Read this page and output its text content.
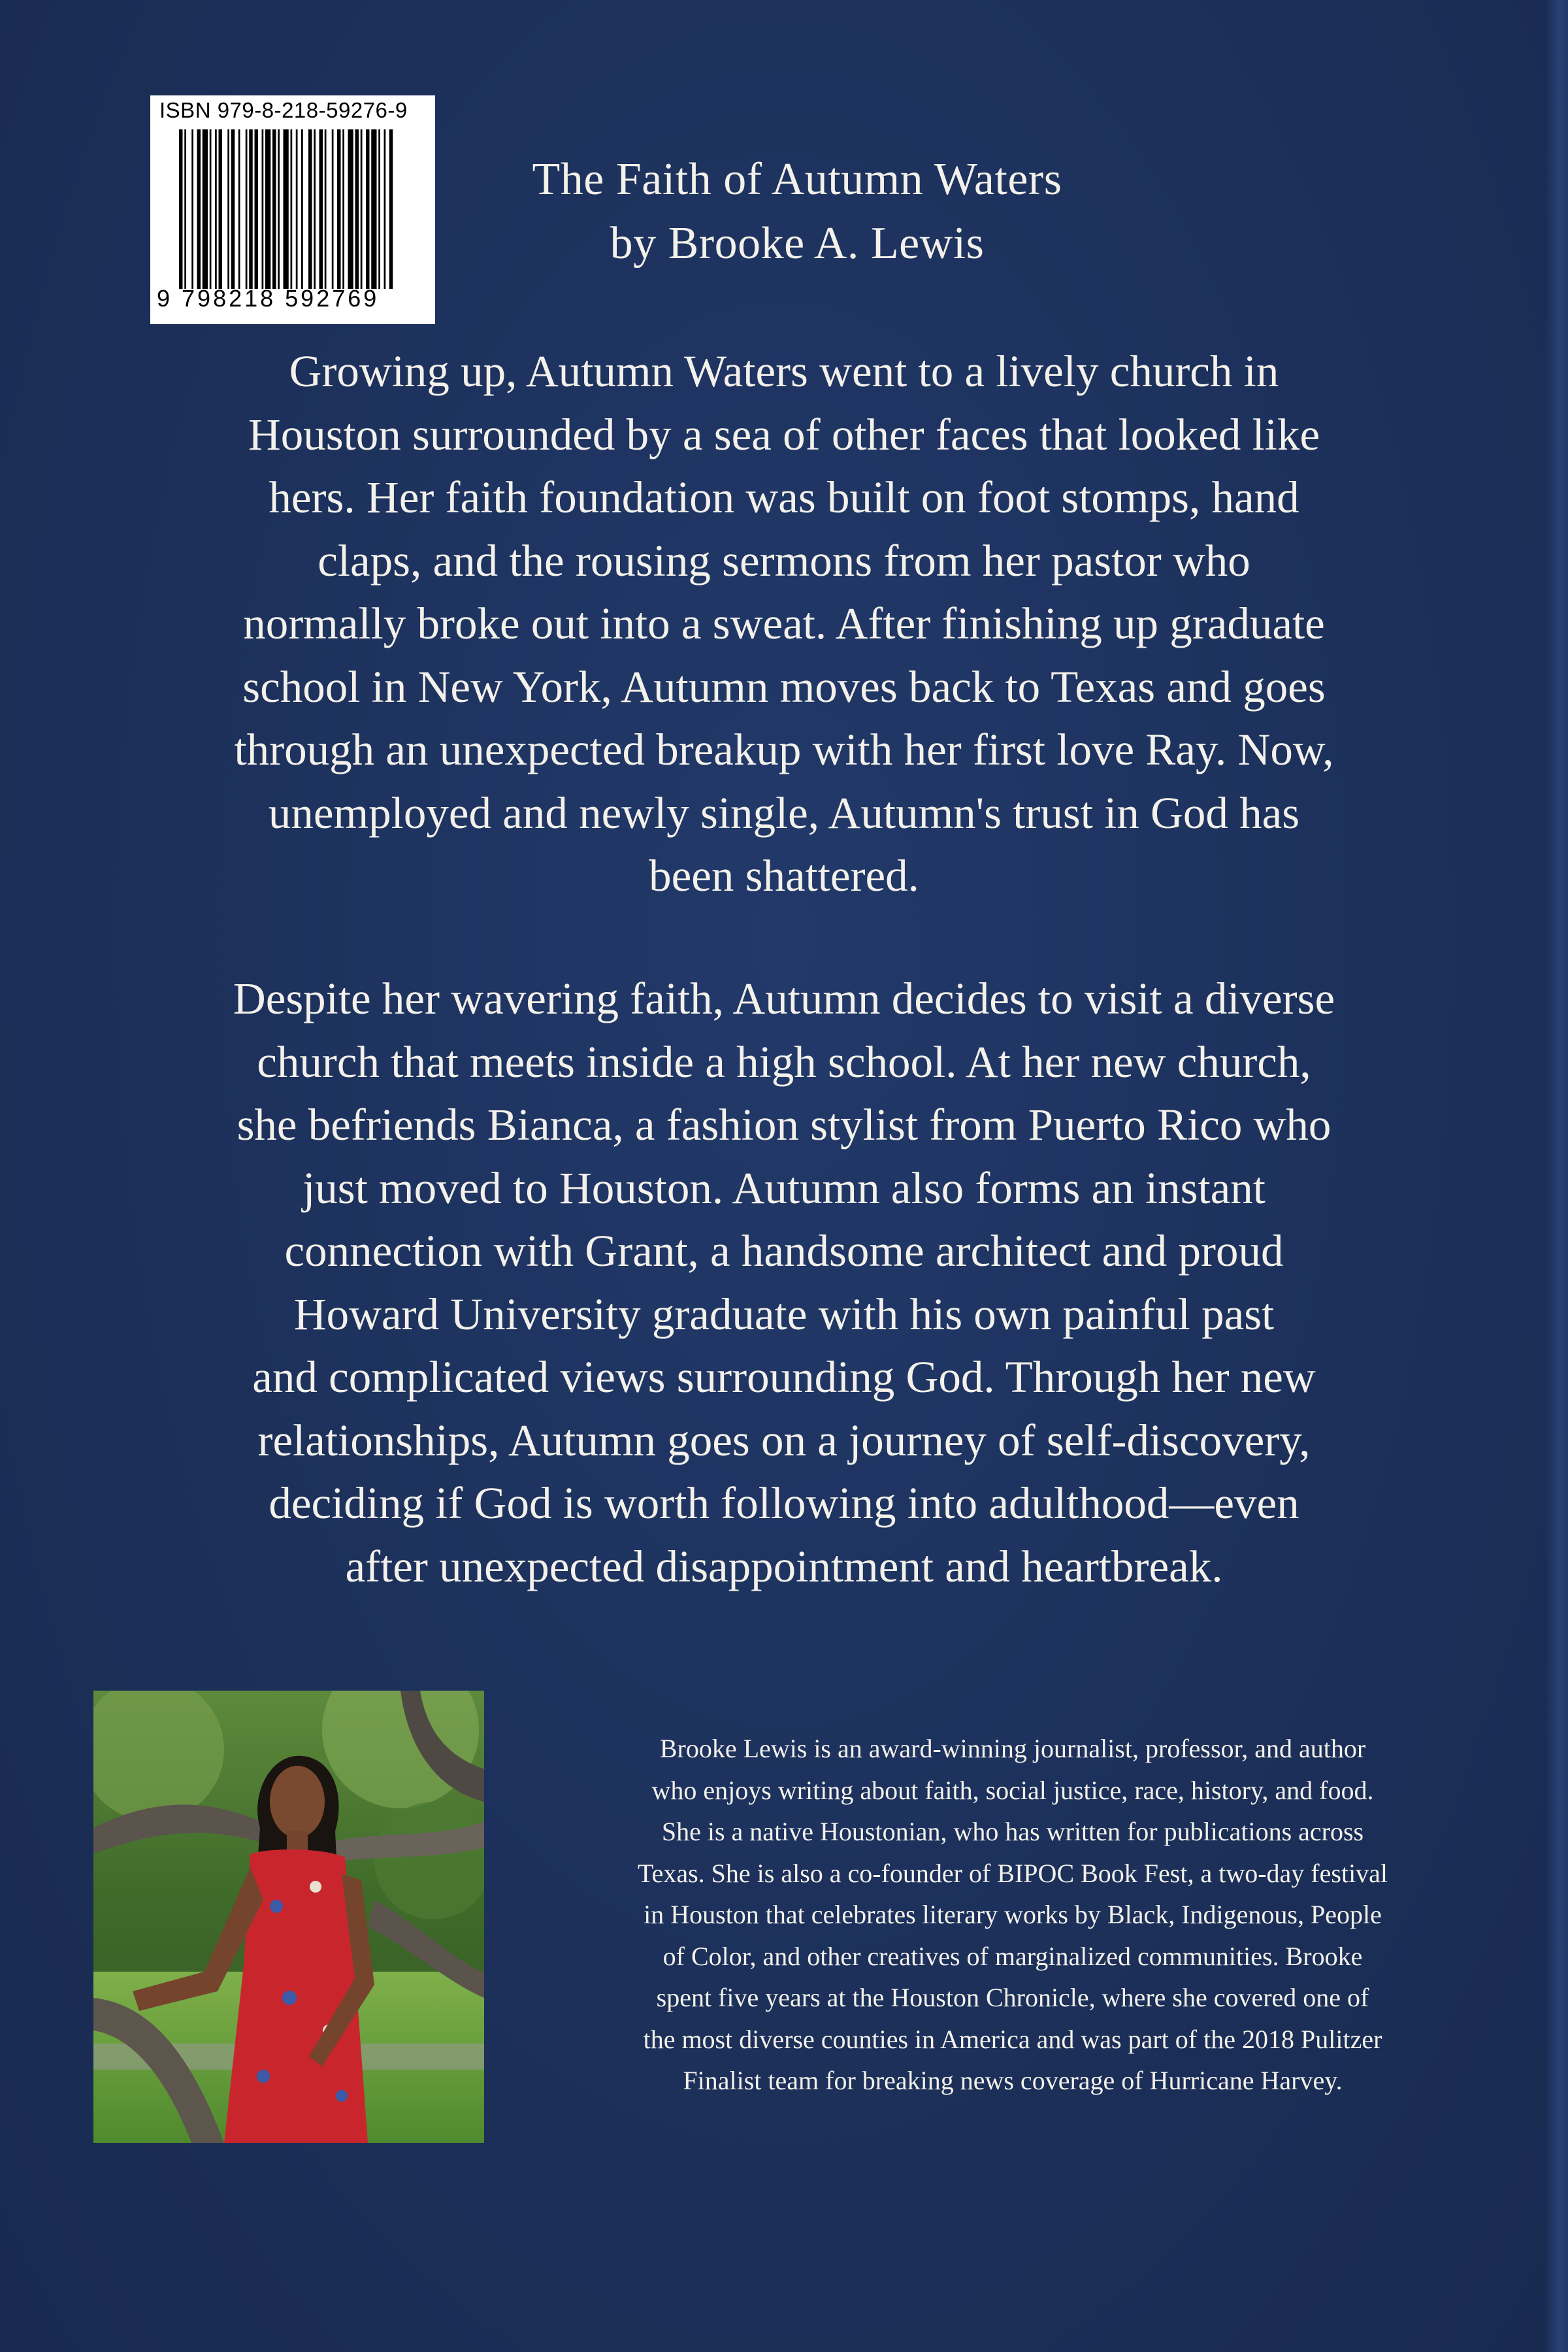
ISBN 979-8-218-59276-9
9 798218 592769
The Faith of Autumn Waters
by Brooke A. Lewis

Growing up, Autumn Waters went to a lively church in
Houston surrounded by a sea of other faces that looked like
hers. Her faith foundation was built on foot stomps, hand
claps, and the rousing sermons from her pastor who
normally broke out into a sweat. After finishing up graduate
school in New York, Autumn moves back to Texas and goes
through an unexpected breakup with her first love Ray. Now,
unemployed and newly single, Autumn's trust in God has
been shattered.

Despite her wavering faith, Autumn decides to visit a diverse
church that meets inside a high school. At her new church,
she befriends Bianca, a fashion stylist from Puerto Rico who
just moved to Houston. Autumn also forms an instant
connection with Grant, a handsome architect and proud
Howard University graduate with his own painful past
and complicated views surrounding God. Through her new
relationships, Autumn goes on a journey of self-discovery,
deciding if God is worth following into adulthood—even
after unexpected disappointment and heartbreak.

Brooke Lewis is an award-winning journalist, professor, and author
who enjoys writing about faith, social justice, race, history, and food.
She is a native Houstonian, who has written for publications across
Texas. She is also a co-founder of BIPOC Book Fest, a two-day festival
in Houston that celebrates literary works by Black, Indigenous, People
of Color, and other creatives of marginalized communities. Brooke
spent five years at the Houston Chronicle, where she covered one of
the most diverse counties in America and was part of the 2018 Pulitzer
Finalist team for breaking news coverage of Hurricane Harvey.
